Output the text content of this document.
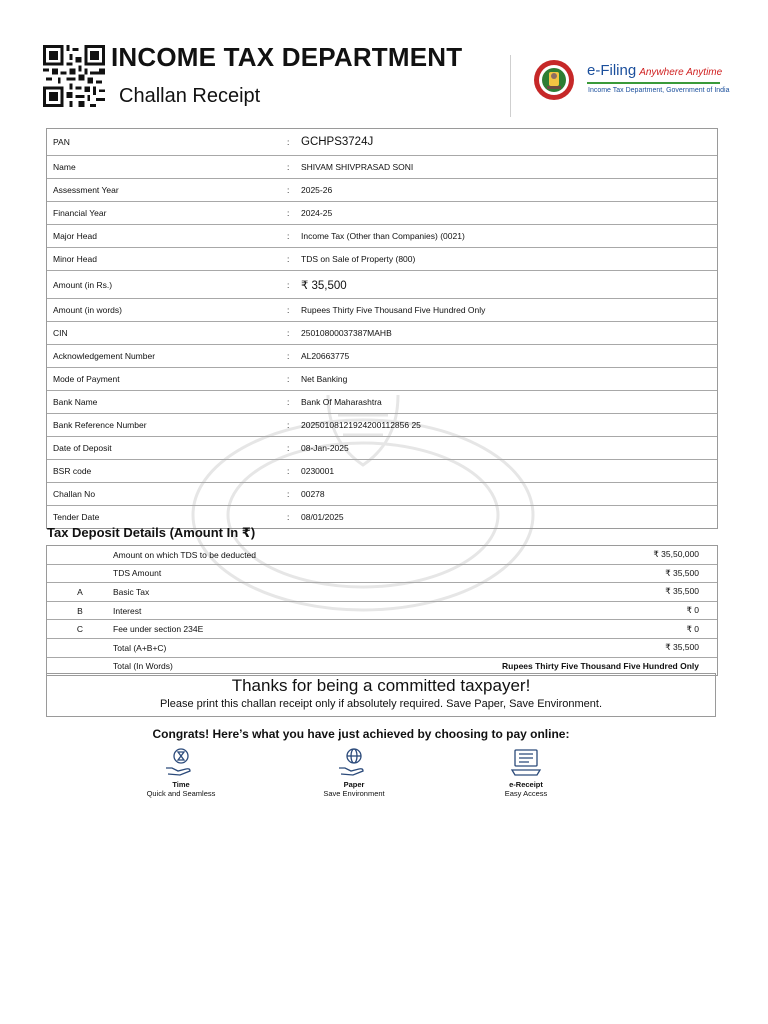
INCOME TAX DEPARTMENT
Challan Receipt
e-Filing Anywhere Anytime
Income Tax Department, Government of India
PAN	:	GCHPS3724J
Name	:	SHIVAM SHIVPRASAD SONI
Assessment Year	:	2025-26
Financial Year	:	2024-25
Major Head	:	Income Tax (Other than Companies) (0021)
Minor Head	:	TDS on Sale of Property (800)
Amount (in Rs.)	:	₹ 35,500
Amount (in words)	:	Rupees Thirty Five Thousand Five Hundred Only
CIN	:	25010800037387MAHB
Acknowledgement Number	:	AL20663775
Mode of Payment	:	Net Banking
Bank Name	:	Bank Of Maharashtra
Bank Reference Number	:	20250108121924200112856 25
Date of Deposit	:	08-Jan-2025
BSR code	:	0230001
Challan No	:	00278
Tender Date	:	08/01/2025
Tax Deposit Details (Amount In ₹)
Amount on which TDS to be deducted	₹ 35,50,000
TDS Amount	₹ 35,500
A	Basic Tax	₹ 35,500
B	Interest	₹ 0
C	Fee under section 234E	₹ 0
Total (A+B+C)	₹ 35,500
Total (In Words)	Rupees Thirty Five Thousand Five Hundred Only
Thanks for being a committed taxpayer!
Please print this challan receipt only if absolutely required. Save Paper, Save Environment.
Congrats! Here’s what you have just achieved by choosing to pay online:
Time
Quick and Seamless
Paper
Save Environment
e-Receipt
Easy Access
